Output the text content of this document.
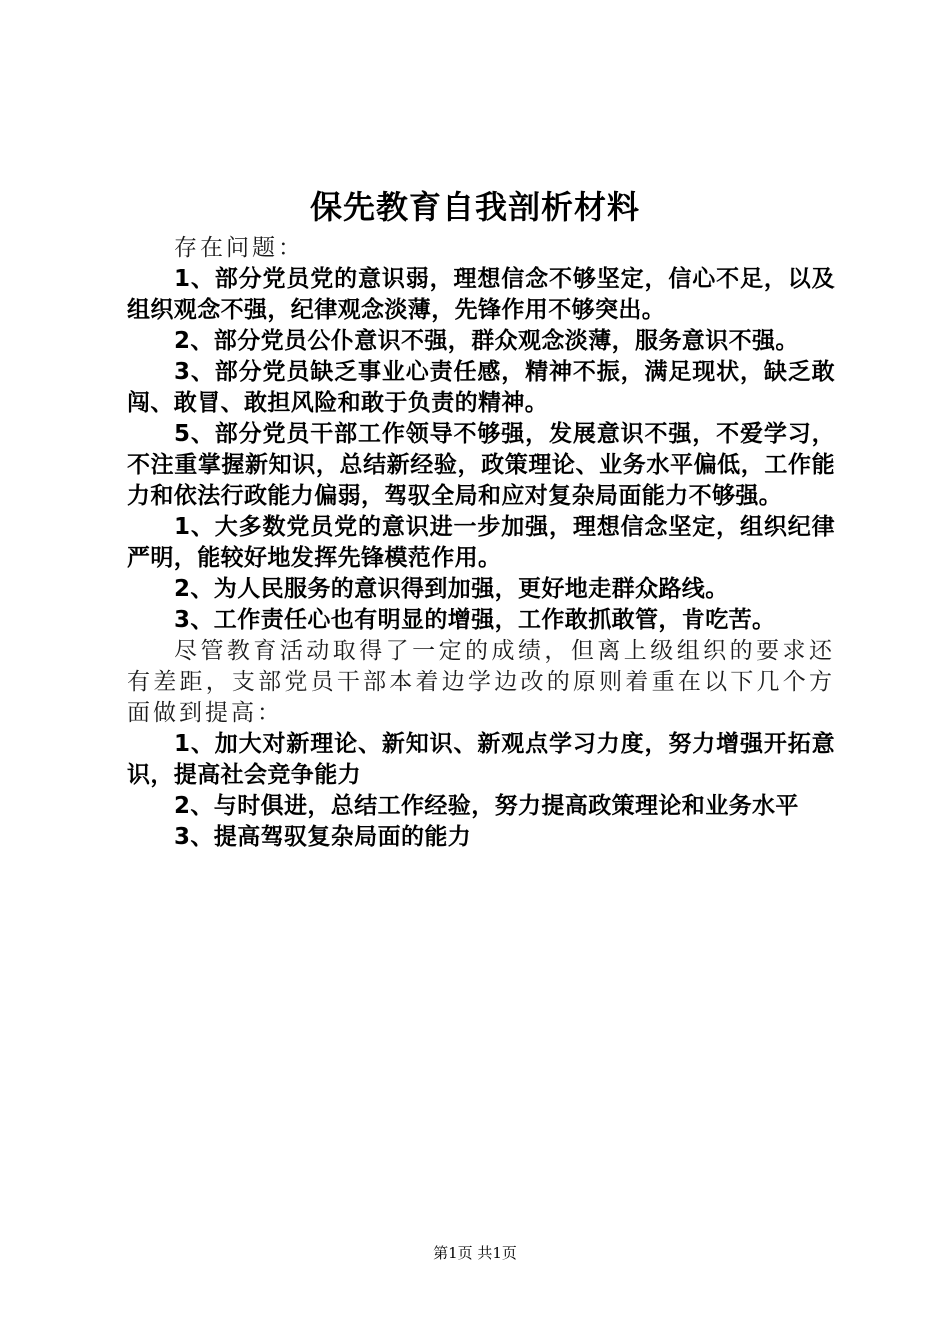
保先教育自我剖析材料

存在问题：

1、部分党员党的意识弱，理想信念不够坚定，信心不足，以及组织观念不强，纪律观念淡薄，先锋作用不够突出。

2、部分党员公仆意识不强，群众观念淡薄，服务意识不强。

3、部分党员缺乏事业心责任感，精神不振，满足现状，缺乏敢闯、敢冒、敢担风险和敢于负责的精神。

5、部分党员干部工作领导不够强，发展意识不强，不爱学习，不注重掌握新知识，总结新经验，政策理论、业务水平偏低，工作能力和依法行政能力偏弱，驾驭全局和应对复杂局面能力不够强。

1、大多数党员党的意识进一步加强，理想信念坚定，组织纪律严明，能较好地发挥先锋模范作用。

2、为人民服务的意识得到加强，更好地走群众路线。

3、工作责任心也有明显的增强，工作敢抓敢管，肯吃苦。

尽管教育活动取得了一定的成绩，但离上级组织的要求还有差距，支部党员干部本着边学边改的原则着重在以下几个方面做到提高：

1、加大对新理论、新知识、新观点学习力度，努力增强开拓意识，提高社会竞争能力

2、与时俱进，总结工作经验，努力提高政策理论和业务水平

3、提高驾驭复杂局面的能力

第1页 共1页
